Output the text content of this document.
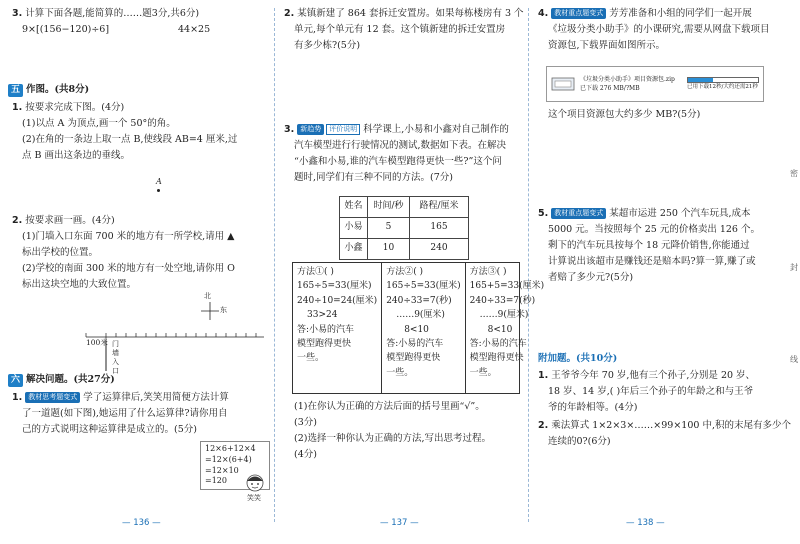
3. 计算下面各题,能简算的……题3分,共6分)
9×[(156−120)÷6]	44×25
五 作图。(共8分)
1. 按要求完成下图。(4分)
(1)以点 A 为顶点,画一个 50°的角。
(2)在角的一条边上取一点 B,使线段 AB=4 厘米,过
点 B 画出这条边的垂线。
A
2. 按要求画一画。(4分)
(1)门墙入口东面 700 米的地方有一所学校,请用 ▲
标出学校的位置。
(2)学校的南面 300 米的地方有一处空地,请你用 O
标出这块空地的大致位置。
北
东
100米 门
墙
入
口
六 解决问题。(共27分)
1. 教材思考题变式 学了运算律后,笑笑用简便方法计算
了一道题(如下图),她运用了什么运算律?请你用自
己的方式说明这种运算律是成立的。(5分)
12×6+12×4
=12×(6+4)
=12×10
=120
笑笑
— 136 —
2. 某镇新建了 864 套拆迁安置房。如果每栋楼房有 3 个
单元,每个单元有 12 套。这个镇新建的拆迁安置房
有多少栋?(5分)
3. 新趋势 评价说明 科学课上,小易和小鑫对自己制作的
汽车模型进行行驶情况的测试,数据如下表。在解决
“小鑫和小易,谁的汽车模型跑得更快一些?”这个问
题时,同学们有三种不同的方法。(7分)
姓名	时间/秒	路程/厘米
小易	5	165
小鑫	10	240
方法①( )
165÷5=33(厘米)
240÷10=24(厘米)
33>24
答:小易的汽车
模型跑得更快
一些。
方法②( )
165÷5=33(厘米)
240÷33=7(秒)
……9(厘米)
8<10
答:小易的汽车
模型跑得更快
一些。
方法③( )
165+5=33(厘米)
240÷33=7(秒)
……9(厘米)
8<10
答:小易的汽车
模型跑得更快
一些。
(1)在你认为正确的方法后面的括号里画“√”。
(3分)
(2)选择一种你认为正确的方法,写出思考过程。
(4分)
— 137 —
4. 教材重点题变式 芳芳准备和小组的同学们一起开展
《垃圾分类小助手》的小课研究,需要从网盘下载项目
资源包,下载界面如图所示。
《垃圾分类小助手》项目资源包.zip
已下载 276 MB/?MB	已用下载12秒/大约还需21秒
这个项目资源包大约多少 MB?(5分)
5. 教材重点题变式 某超市运进 250 个汽车玩具,成本
5000 元。当按照每个 25 元的价格卖出 126 个。
剩下的汽车玩具按每个 18 元降价销售,你能通过
计算说出该超市是赚钱还是赔本吗?算一算,赚了或
者赔了多少元?(5分)
附加题。(共10分)
1. 王爷爷今年 70 岁,他有三个孙子,分别是 20 岁、
18 岁、14 岁,( )年后三个孙子的年龄之和与王爷
爷的年龄相等。(4分)
2. 乘法算式 1×2×3×……×99×100 中,积的末尾有多少个
连续的0?(6分)
密
封
线
— 138 —
